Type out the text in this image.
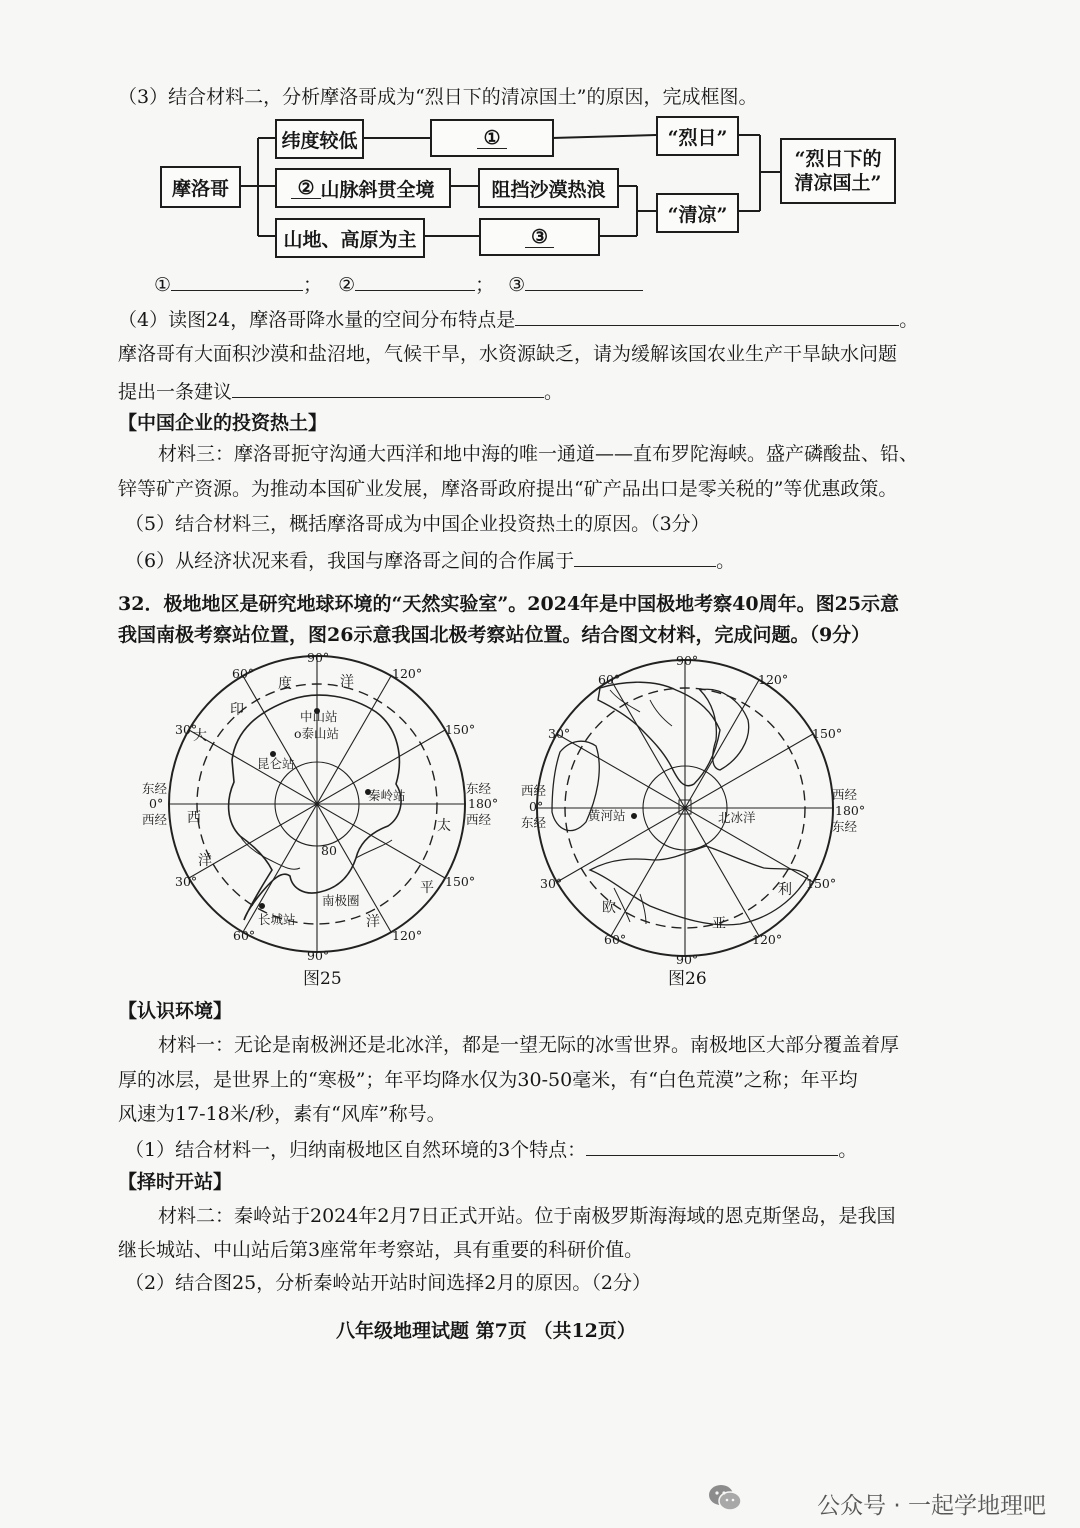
（3）结合材料二，分析摩洛哥成为“烈日下的清凉国土”的原因，完成框图。
摩洛哥
纬度较低	①
② 山脉斜贯全境	阻挡沙漠热浪
山地、高原为主	③
“烈日”
“清凉”
“烈日下的
清凉国土”
①	； ②	； ③
（4）读图24，摩洛哥降水量的空间分布特点是	。
摩洛哥有大面积沙漠和盐沼地，气候干旱，水资源缺乏，请为缓解该国农业生产干旱缺水问题
提出一条建议	。
【中国企业的投资热土】
材料三：摩洛哥扼守沟通大西洋和地中海的唯一通道——直布罗陀海峡。盛产磷酸盐、铅、
锌等矿产资源。为推动本国矿业发展，摩洛哥政府提出“矿产品出口是零关税的”等优惠政策。
（5）结合材料三，概括摩洛哥成为中国企业投资热土的原因。（3分）
（6）从经济状况来看，我国与摩洛哥之间的合作属于	。
32．极地地区是研究地球环境的“天然实验室”。2024年是中国极地考察40周年。图25示意
我国南极考察站位置，图26示意我国北极考察站位置。结合图文材料，完成问题。（9分）
90°
90°
60°	120°
30°	150°
30°	150°
60°	120°
80
东经
0°
西经
东经
180°
西经
度	洋
印
大
西
洋
太
平
洋
中山站
o泰山站
昆仑站
秦岭站
长城站
南极圈
图25
90°
90°
60°	120°
30°	150°
30°	150°
60°	120°
西经
0°
东经
西经
180°
东经
黄河站	北冰洋
欧
亚
利
图26
【认识环境】
材料一：无论是南极洲还是北冰洋，都是一望无际的冰雪世界。南极地区大部分覆盖着厚
厚的冰层，是世界上的“寒极”；年平均降水仅为30-50毫米，有“白色荒漠”之称；年平均
风速为17-18米/秒，素有“风库”称号。
（1）结合材料一，归纳南极地区自然环境的3个特点：	。
【择时开站】
材料二：秦岭站于2024年2月7日正式开站。位于南极罗斯海海域的恩克斯堡岛，是我国
继长城站、中山站后第3座常年考察站，具有重要的科研价值。
（2）结合图25，分析秦岭站开站时间选择2月的原因。（2分）
八年级地理试题 第7页 （共12页）
公众号 · 一起学地理吧
